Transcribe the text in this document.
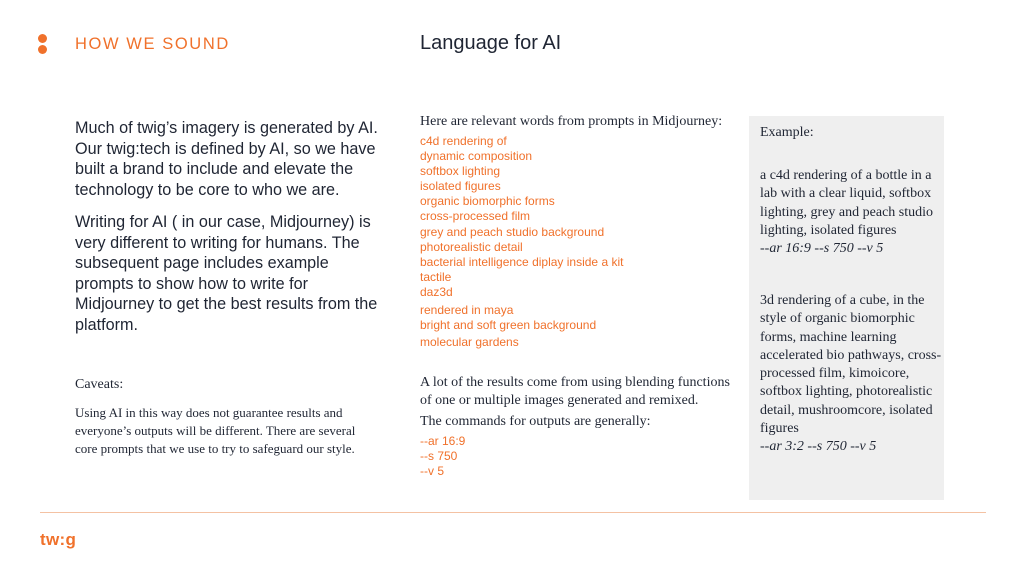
HOW WE SOUND	Language for AI

Much of twig’s imagery is generated by AI. Our twig:tech is defined by AI, so we have built a brand to include and elevate the technology to be core to who we are.

Writing for AI ( in our case, Midjourney) is very different to writing for humans. The subsequent page includes example prompts to show how to write for Midjourney to get the best results from the platform.

Caveats:
Using AI in this way does not guarantee results and everyone’s outputs will be different. There are several core prompts that we use to try to safeguard our style.
Here are relevant words from prompts in Midjourney:
c4d rendering of
dynamic composition
softbox lighting
isolated figures
organic biomorphic forms
cross-processed film
grey and peach studio background
photorealistic detail
bacterial intelligence diplay inside a kit
tactile
daz3d
rendered in maya
bright and soft green background
molecular gardens
A lot of the results come from using blending functions of one or multiple images generated and remixed.
The commands for outputs are generally:
--ar 16:9
--s 750
--v 5
Example:
a c4d rendering of a bottle in a lab with a clear liquid, softbox lighting, grey and peach studio lighting, isolated figures
--ar 16:9 --s 750 --v 5
3d rendering of a cube, in the style of organic biomorphic forms, machine learning accelerated bio pathways, cross-processed film, kimoicore, softbox lighting, photorealistic detail, mushroomcore, isolated figures
--ar 3:2 --s 750 --v 5
tw:g
